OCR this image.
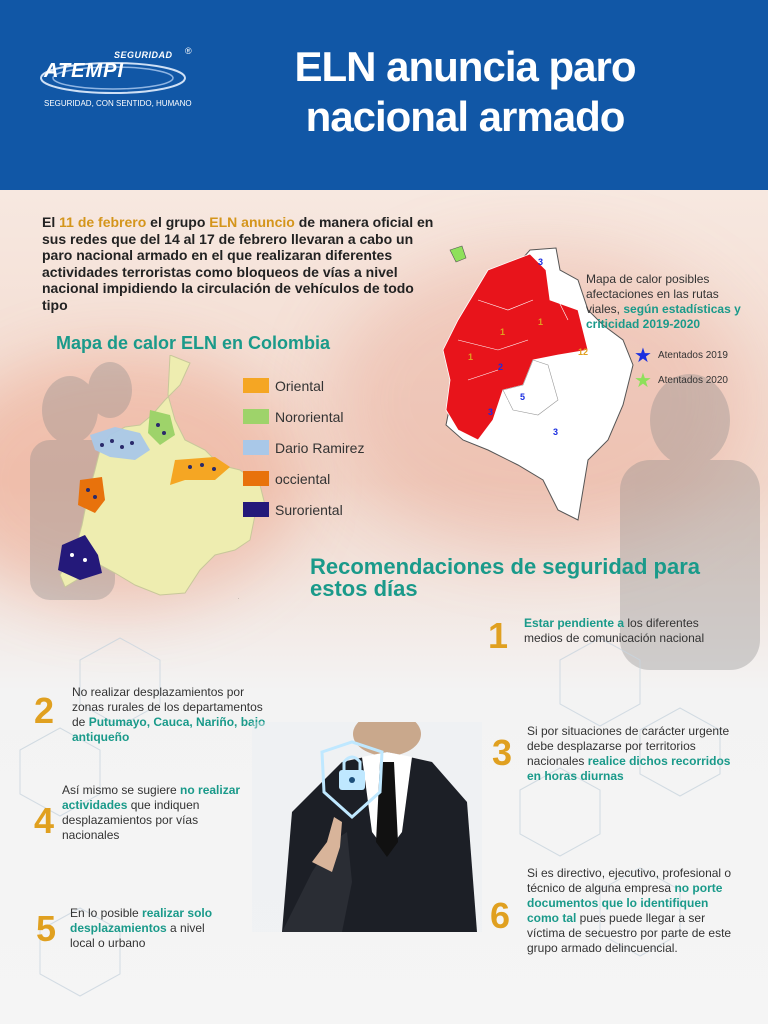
SEGURIDAD
ATEMPI
®
SEGURIDAD, CON SENTIDO, HUMANO
ELN anuncia paro
nacional armado
El 11 de febrero el grupo ELN anuncio de manera oficial en sus redes que del 14 al 17 de febrero llevaran a cabo un paro nacional armado en el que realizaran diferentes actividades terroristas como bloqueos de vías a nivel nacional impidiendo la circulación de vehículos de todo tipo
Mapa de calor ELN en Colombia
·
Oriental
Nororiental
Dario Ramirez
occiental
Suroriental
1
1
1	12
3
5
2
3
3
Mapa de calor posibles afectaciones en las rutas viales, según estadísticas y criticidad 2019-2020
★ Atentados 2019
★ Atentados 2020
Recomendaciones de seguridad para estos días
1 Estar pendiente a los diferentes medios de comunicación nacional
2 No realizar desplazamientos por zonas rurales de los departamentos de Putumayo, Cauca, Nariño, bajo antiqueño	3
Si por situaciones de carácter urgente debe desplazarse por territorios nacionales realice dichos recorridos en horas diurnas
4
Así mismo se sugiere no realizar actividades que indiquen desplazamientos por vías nacionales
5 En lo posible realizar solo desplazamientos a nivel local o urbano
6
Si es directivo, ejecutivo, profesional o técnico de alguna empresa no porte documentos que lo identifiquen como tal pues puede llegar a ser víctima de secuestro por parte de este grupo armado delincuencial.
